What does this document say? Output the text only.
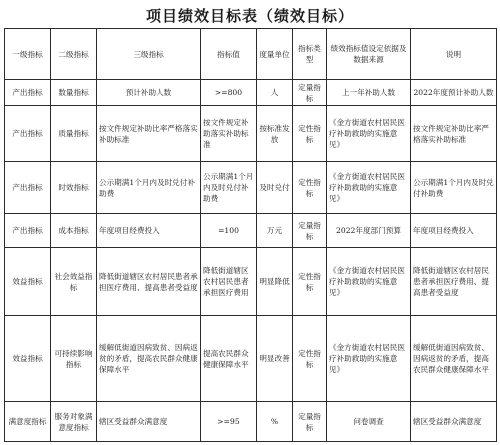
项目绩效目标表（绩效目标）
一级指标	二级指标	三级指标	指标值	度量单位	指标类型	绩效指标值设定依据及数据来源	说明
产出指标	数量指标	预计补助人数	>=800	人	定量指标	上一年补助人数	2022年度预计补助人数
产出指标	质量指标	按文件规定补助比率严格落实补助标准	按文件规定补助落实补助标准	按标准发放	定性指标	《金方街道农村居民医疗补助救助的实施意见》	按文件规定补助比率严格落实补助标准
产出指标	时效指标	公示期满1个月内及时兑付补助费	公示期满1个月内及时兑付补助费	及时兑付	定性指标	《金方街道农村居民医疗补助救助的实施意见》	公示期满1个月内及时兑付补助费
产出指标	成本指标	年度项目经费投入	=100	万元	定量指标	2022年度部门预算	年度项目经费投入
效益指标	社会效益指标	降低街道辖区农村居民患者承担医疗费用、提高患者受益度	降低街道辖区农村居民患者承担医疗费用	明显降低	定性指标	《金方街道农村居民医疗补助救助的实施意见》	降低街道辖区农村居民患者承担医疗费用、提高患者受益度
效益指标	可持续影响指标	缓解低街道因病致贫、因病返贫的矛盾，提高农民群众健康保障水平	提高农民群众健康保障水平	明显改善	定性指标	《金方街道农村居民医疗补助救助的实施意见》	缓解低街道因病致贫、因病返贫的矛盾，提高农民群众健康保障水平
满意度指标	服务对象满意度指标	辖区受益群众满意度	>=95	%	定量指标	问卷调查	辖区受益群众满意度
